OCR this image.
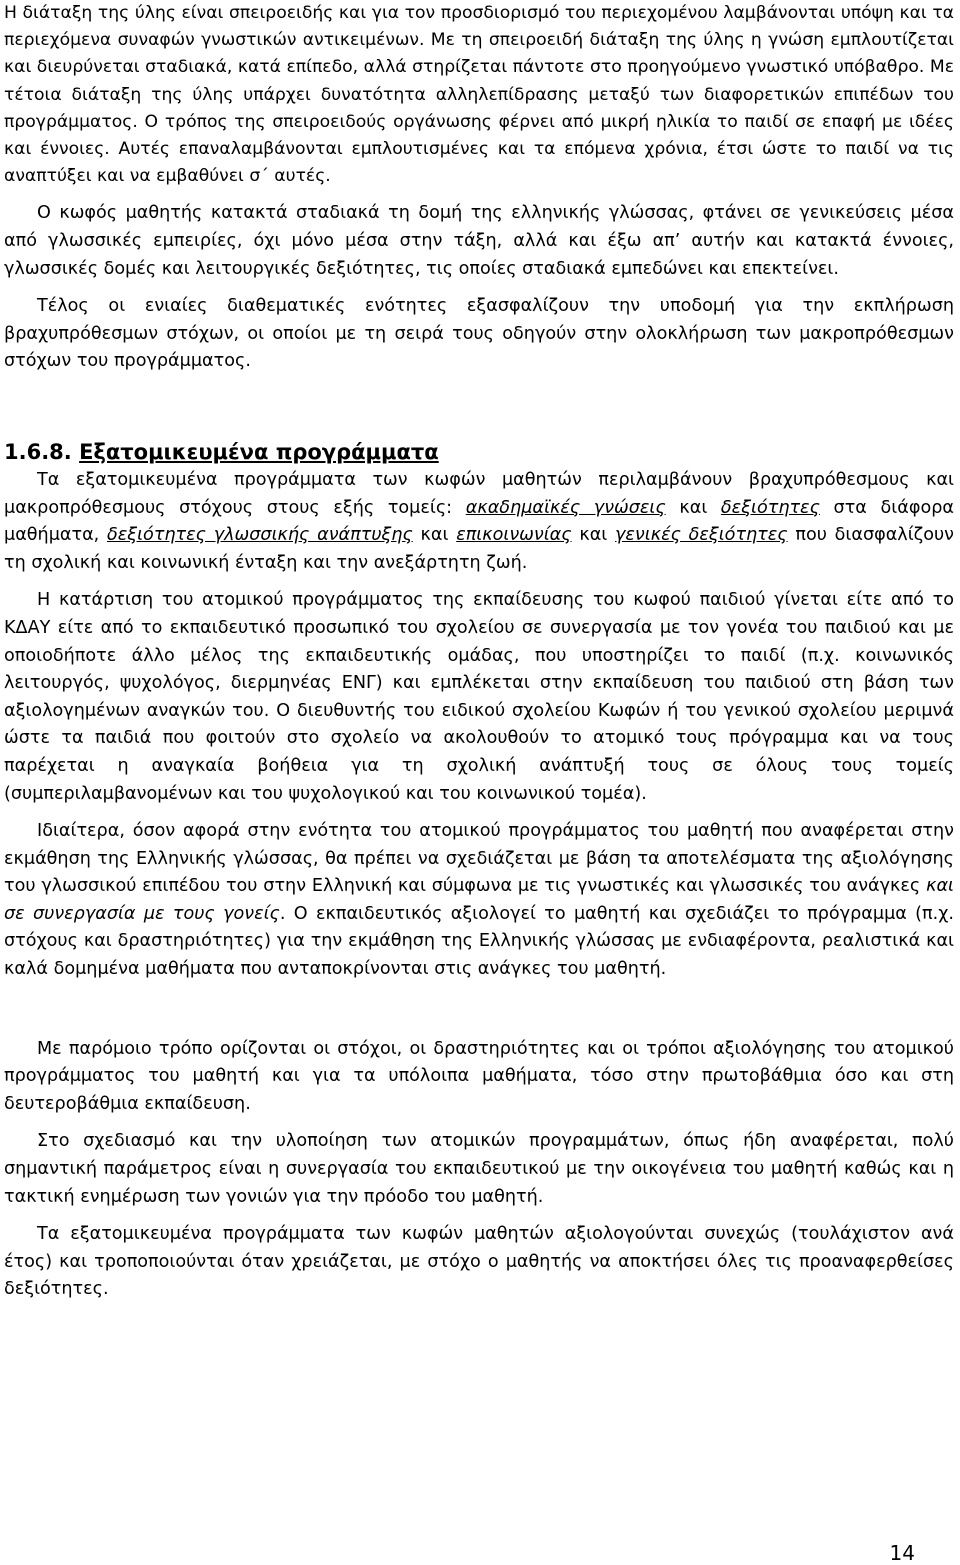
Η διάταξη της ύλης είναι σπειροειδής και για τον προσδιορισμό του περιεχομένου λαμβάνονται υπόψη και τα περιεχόμενα συναφών γνωστικών αντικειμένων. Με τη σπειροειδή διάταξη της ύλης η γνώση εμπλουτίζεται και διευρύνεται σταδιακά, κατά επίπεδο, αλλά στηρίζεται πάντοτε στο προηγούμενο γνωστικό υπόβαθρο. Με τέτοια διάταξη της ύλης υπάρχει δυνατότητα αλληλεπίδρασης μεταξύ των διαφορετικών επιπέδων του προγράμματος. Ο τρόπος της σπειροειδούς οργάνωσης φέρνει από μικρή ηλικία το παιδί σε επαφή με ιδέες και έννοιες. Αυτές επαναλαμβάνονται εμπλουτισμένες και τα επόμενα χρόνια, έτσι ώστε το παιδί να τις αναπτύξει και να εμβαθύνει σ΄ αυτές.

Ο κωφός μαθητής κατακτά σταδιακά τη δομή της ελληνικής γλώσσας, φτάνει σε γενικεύσεις μέσα από γλωσσικές εμπειρίες, όχι μόνο μέσα στην τάξη, αλλά και έξω απ’ αυτήν και κατακτά έννοιες, γλωσσικές δομές και λειτουργικές δεξιότητες, τις οποίες σταδιακά εμπεδώνει και επεκτείνει.

Τέλος οι ενιαίες διαθεματικές ενότητες εξασφαλίζουν την υποδομή για την εκπλήρωση βραχυπρόθεσμων στόχων, οι οποίοι με τη σειρά τους οδηγούν στην ολοκλήρωση των μακροπρόθεσμων στόχων του προγράμματος.

1.6.8. Εξατομικευμένα προγράμματα

Τα εξατομικευμένα προγράμματα των κωφών μαθητών περιλαμβάνουν βραχυπρόθεσμους και μακροπρόθεσμους στόχους στους εξής τομείς: ακαδημαϊκές γνώσεις και δεξιότητες στα διάφορα μαθήματα, δεξιότητες γλωσσικής ανάπτυξης και επικοινωνίας και γενικές δεξιότητες που διασφαλίζουν τη σχολική και κοινωνική ένταξη και την ανεξάρτητη ζωή.

Η κατάρτιση του ατομικού προγράμματος της εκπαίδευσης του κωφού παιδιού γίνεται είτε από το ΚΔΑΥ είτε από το εκπαιδευτικό προσωπικό του σχολείου σε συνεργασία με τον γονέα του παιδιού και με οποιοδήποτε άλλο μέλος της εκπαιδευτικής ομάδας, που υποστηρίζει το παιδί (π.χ. κοινωνικός λειτουργός, ψυχολόγος, διερμηνέας ΕΝΓ) και εμπλέκεται στην εκπαίδευση του παιδιού στη βάση των αξιολογημένων αναγκών του. Ο διευθυντής του ειδικού σχολείου Κωφών ή του γενικού σχολείου μεριμνά ώστε τα παιδιά που φοιτούν στο σχολείο να ακολουθούν το ατομικό τους πρόγραμμα και να τους παρέχεται η αναγκαία βοήθεια για τη σχολική ανάπτυξή τους σε όλους τους τομείς (συμπεριλαμβανομένων και του ψυχολογικού και του κοινωνικού τομέα).

Ιδιαίτερα, όσον αφορά στην ενότητα του ατομικού προγράμματος του μαθητή που αναφέρεται στην εκμάθηση της Ελληνικής γλώσσας, θα πρέπει να σχεδιάζεται με βάση τα αποτελέσματα της αξιολόγησης του γλωσσικού επιπέδου του στην Ελληνική και σύμφωνα με τις γνωστικές και γλωσσικές του ανάγκες και σε συνεργασία με τους γονείς. Ο εκπαιδευτικός αξιολογεί το μαθητή και σχεδιάζει το πρόγραμμα (π.χ. στόχους και δραστηριότητες) για την εκμάθηση της Ελληνικής γλώσσας με ενδιαφέροντα, ρεαλιστικά και καλά δομημένα μαθήματα που ανταποκρίνονται στις ανάγκες του μαθητή.

Με παρόμοιο τρόπο ορίζονται οι στόχοι, οι δραστηριότητες και οι τρόποι αξιολόγησης του ατομικού προγράμματος του μαθητή και για τα υπόλοιπα μαθήματα, τόσο στην πρωτοβάθμια όσο και στη δευτεροβάθμια εκπαίδευση.

Στο σχεδιασμό και την υλοποίηση των ατομικών προγραμμάτων, όπως ήδη αναφέρεται, πολύ σημαντική παράμετρος είναι η συνεργασία του εκπαιδευτικού με την οικογένεια του μαθητή καθώς και η τακτική ενημέρωση των γονιών για την πρόοδο του μαθητή.

Τα εξατομικευμένα προγράμματα των κωφών μαθητών αξιολογούνται συνεχώς (τουλάχιστον ανά έτος) και τροποποιούνται όταν χρειάζεται, με στόχο ο μαθητής να αποκτήσει όλες τις προαναφερθείσες δεξιότητες.

14
